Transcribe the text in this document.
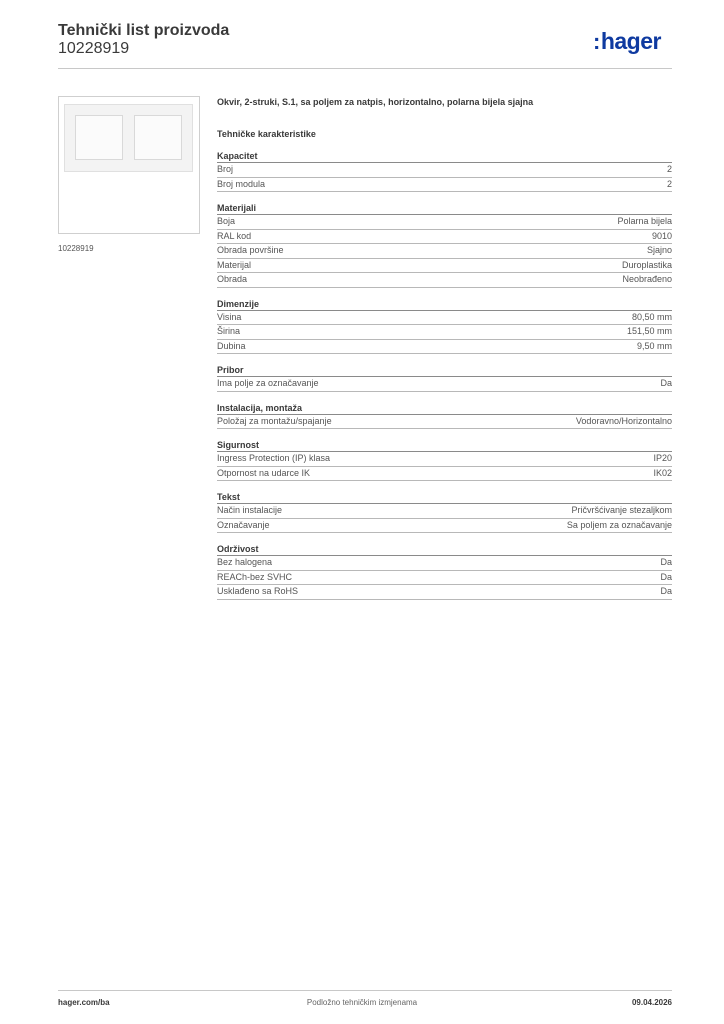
Tehnički list proizvoda
10228919	:hager
10228919
Okvir, 2-struki, S.1, sa poljem za natpis, horizontalno, polarna bijela sjajna
Tehničke karakteristike
Kapacitet
Broj	2
Broj modula	2
Materijali
Boja	Polarna bijela
RAL kod	9010
Obrada površine	Sjajno
Materijal	Duroplastika
Obrada	Neobrađeno
Dimenzije
Visina	80,50 mm
Širina	151,50 mm
Dubina	9,50 mm
Pribor
Ima polje za označavanje	Da
Instalacija, montaža
Položaj za montažu/spajanje	Vodoravno/Horizontalno
Sigurnost
Ingress Protection (IP) klasa	IP20
Otpornost na udarce IK	IK02
Tekst
Način instalacije	Pričvršćivanje stezaljkom
Označavanje	Sa poljem za označavanje
Održivost
Bez halogena	Da
REACh-bez SVHC	Da
Usklađeno sa RoHS	Da
hager.com/ba	Podložno tehničkim izmjenama	09.04.2026
